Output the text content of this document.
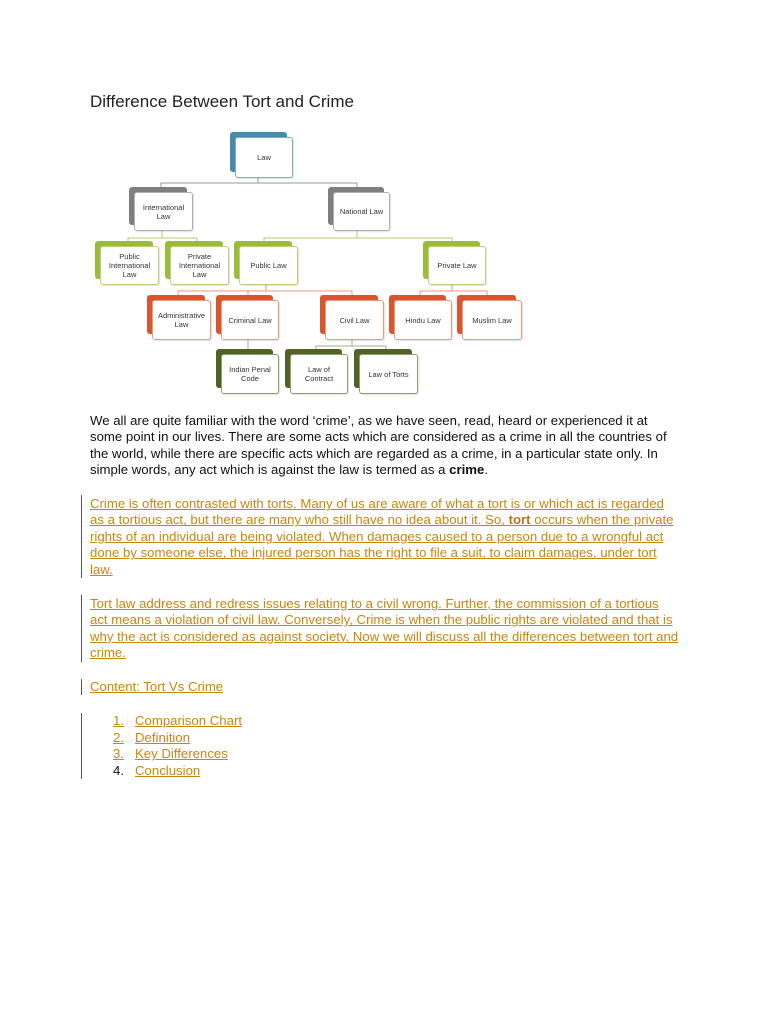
Difference Between Tort and Crime
Law
International Law	National Law
Public International Law
Private International Law
Public Law	Private Law
Administrative Law	Criminal Law	Civil Law	Hindu Law	Muslim Law
Indian Penal Code
Law of Contract	Law of Torts

We all are quite familiar with the word ‘crime’, as we have seen, read, heard or experienced it at some point in our lives. There are some acts which are considered as a crime in all the countries of the world, while there are specific acts which are regarded as a crime, in a particular state only. In simple words, any act which is against the law is termed as a crime.

Crime is often contrasted with torts. Many of us are aware of what a tort is or which act is regarded as a tortious act, but there are many who still have no idea about it. So, tort occurs when the private rights of an individual are being violated. When damages caused to a person due to a wrongful act done by someone else, the injured person has the right to file a suit, to claim damages, under tort law.

Tort law address and redress issues relating to a civil wrong. Further, the commission of a tortious act means a violation of civil law. Conversely, Crime is when the public rights are violated and that is why the act is considered as against society. Now we will discuss all the differences between tort and crime.

Content: Tort Vs Crime

1. Comparison Chart
2. Definition
3. Key Differences
4. Conclusion
